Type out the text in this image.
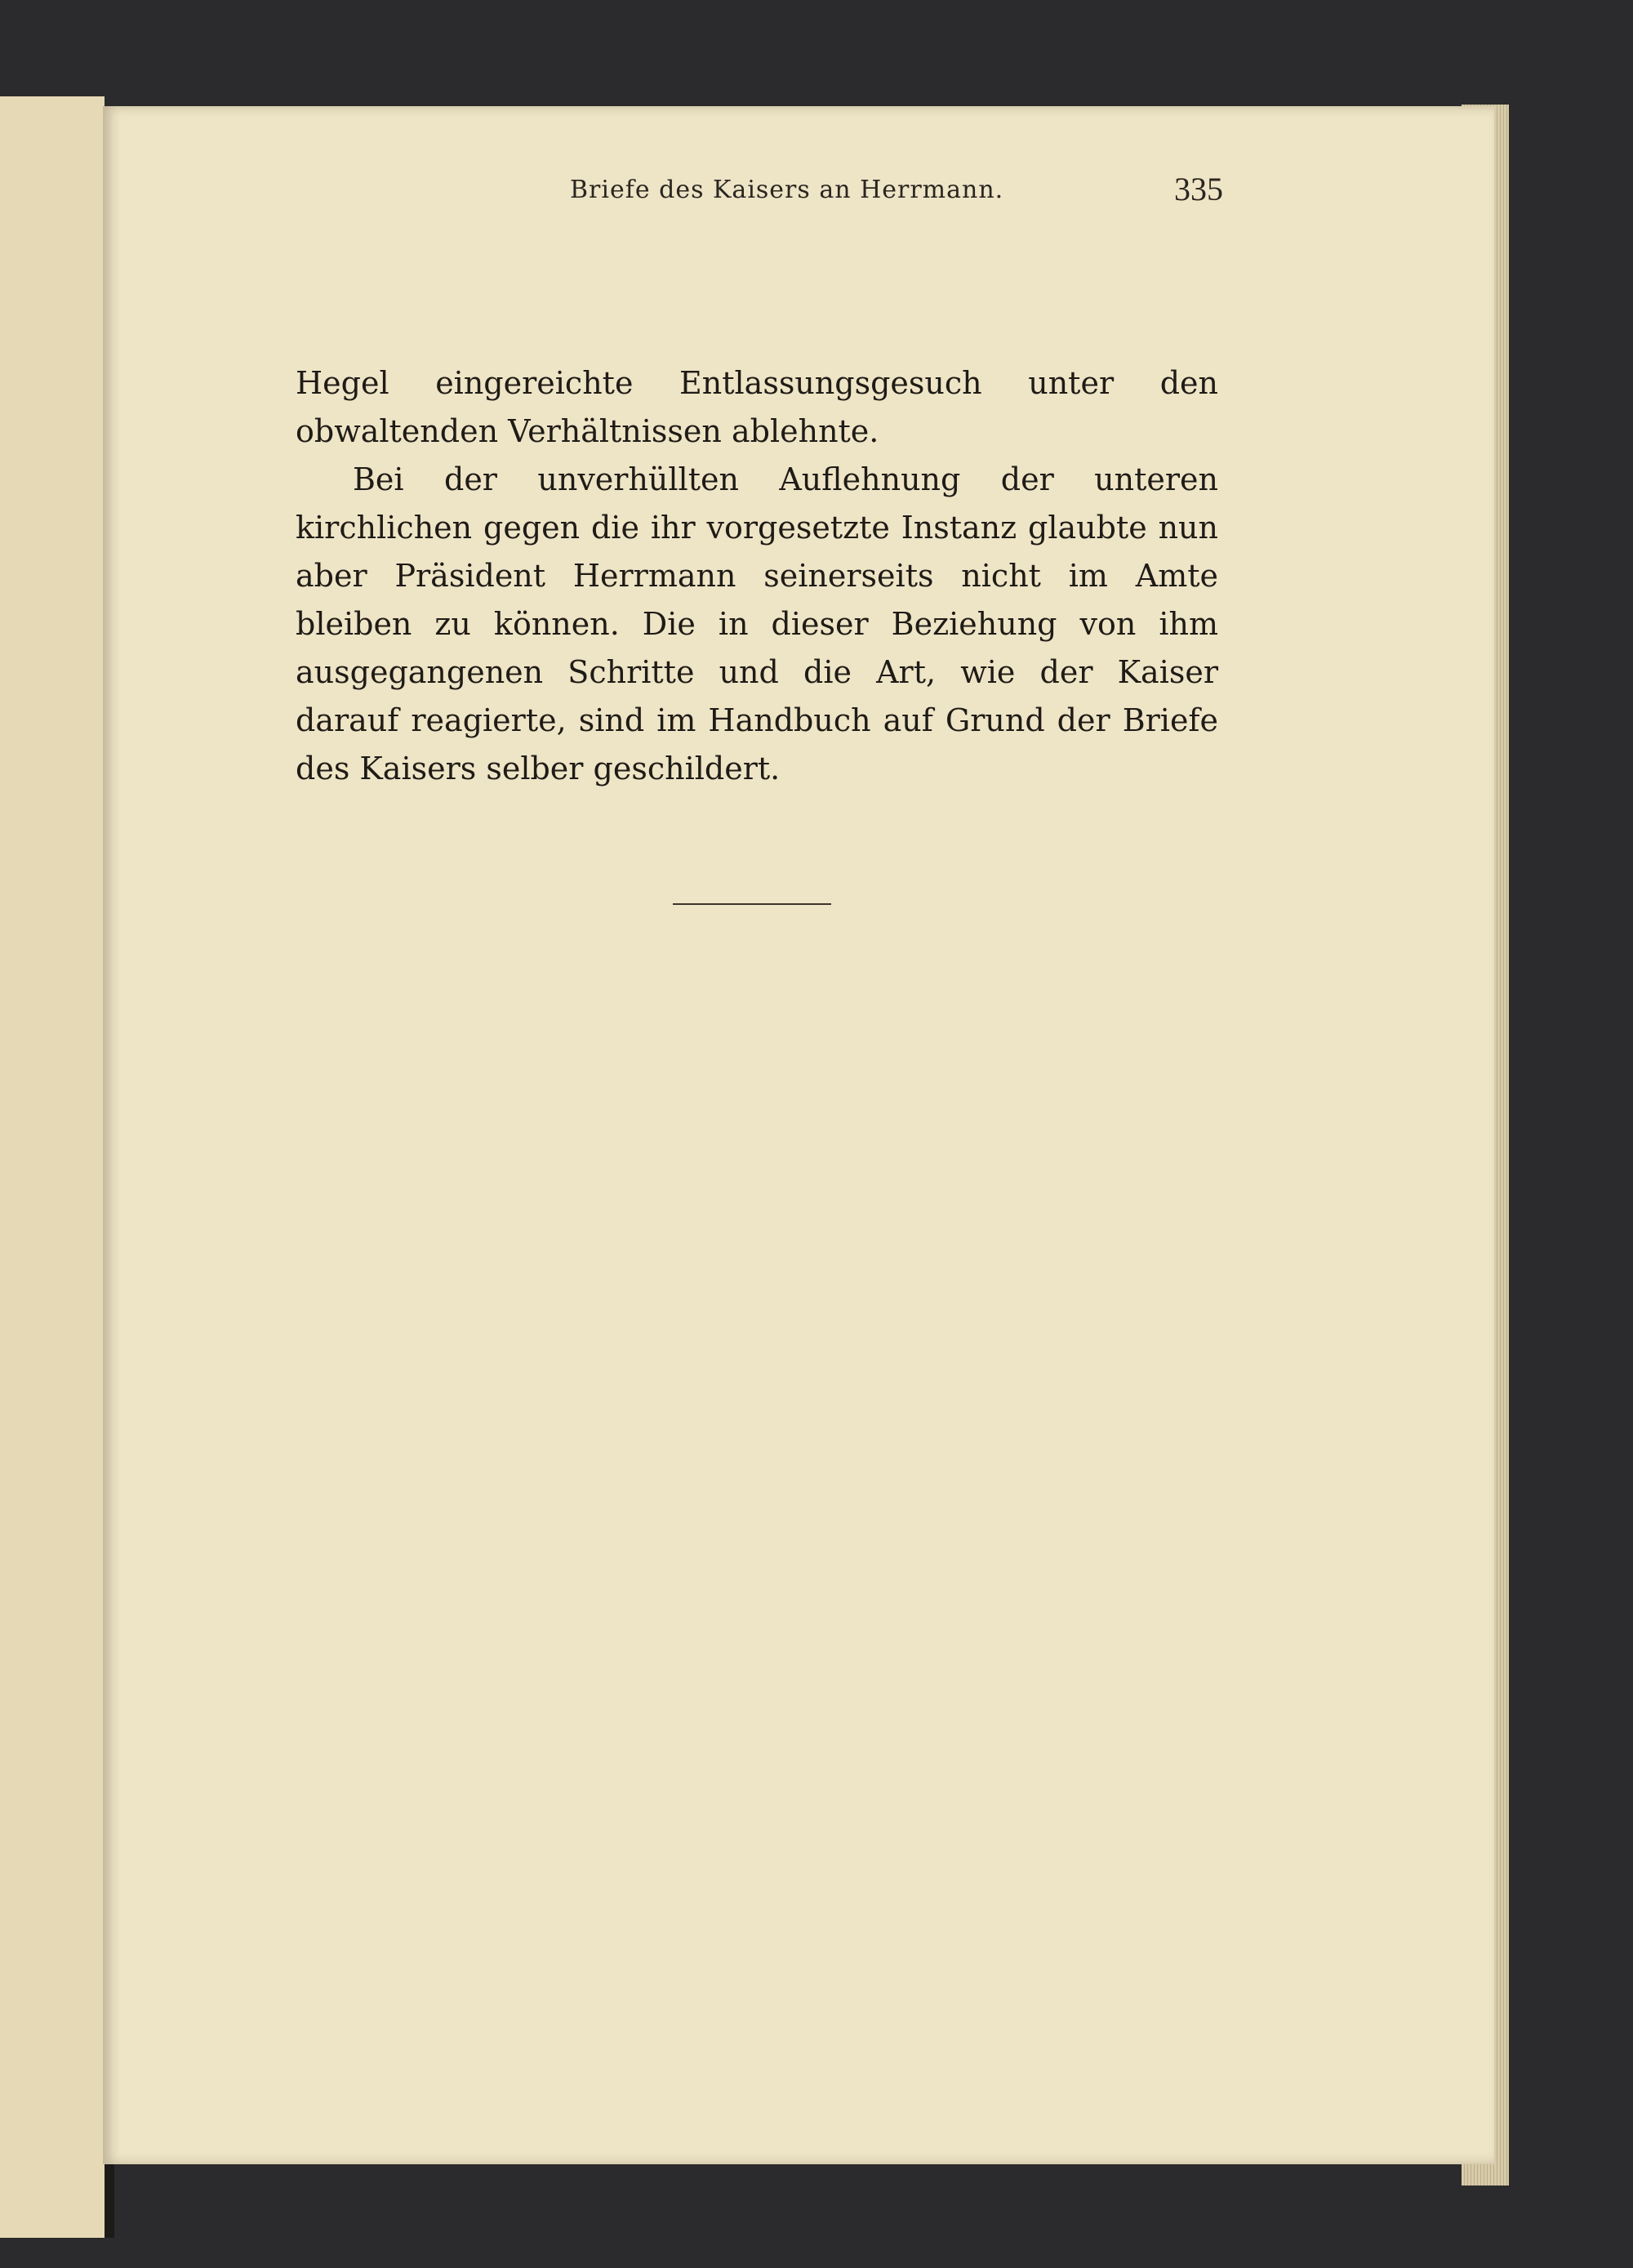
Briefe des Kaisers an Herrmann.	335

Hegel eingereichte Entlassungsgesuch unter den obwaltenden Verhältnissen ablehnte.

Bei der unverhüllten Auflehnung der unteren kirchlichen gegen die ihr vorgesetzte Instanz glaubte nun aber Präsident Herrmann seinerseits nicht im Amte bleiben zu können. Die in dieser Beziehung von ihm ausgegangenen Schritte und die Art, wie der Kaiser darauf reagierte, sind im Handbuch auf Grund der Briefe des Kaisers selber geschildert.
